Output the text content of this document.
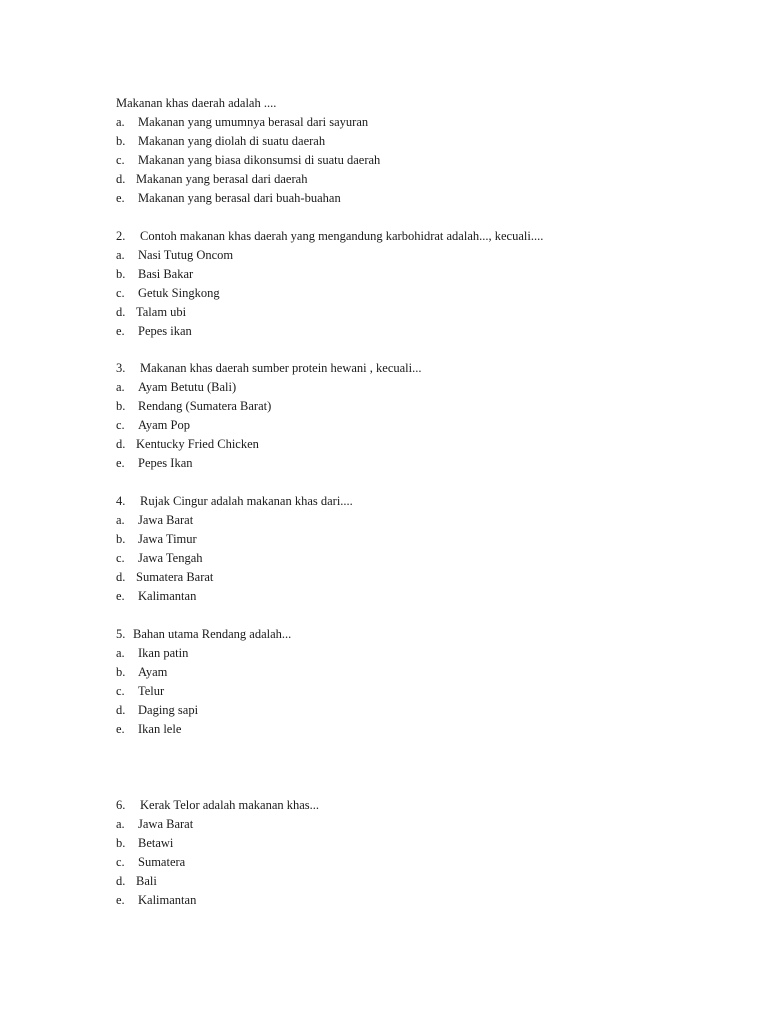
Makanan khas daerah adalah ....
a. Makanan yang umumnya berasal dari sayuran
b. Makanan yang diolah di suatu daerah
c. Makanan yang biasa dikonsumsi di suatu daerah
d. Makanan yang berasal dari daerah
e. Makanan yang berasal dari buah-buahan
2. Contoh makanan khas daerah yang mengandung karbohidrat adalah..., kecuali....
a. Nasi Tutug Oncom
b. Basi Bakar
c. Getuk Singkong
d. Talam ubi
e. Pepes ikan
3. Makanan khas daerah sumber protein hewani , kecuali...
a. Ayam Betutu (Bali)
b. Rendang (Sumatera Barat)
c. Ayam Pop
d. Kentucky Fried Chicken
e. Pepes Ikan
4. Rujak Cingur adalah makanan khas dari....
a. Jawa Barat
b. Jawa Timur
c. Jawa Tengah
d. Sumatera Barat
e. Kalimantan
5. Bahan utama Rendang adalah...
a. Ikan patin
b. Ayam
c. Telur
d. Daging sapi
e. Ikan lele
6. Kerak Telor adalah makanan khas...
a. Jawa Barat
b. Betawi
c. Sumatera
d. Bali
e. Kalimantan
